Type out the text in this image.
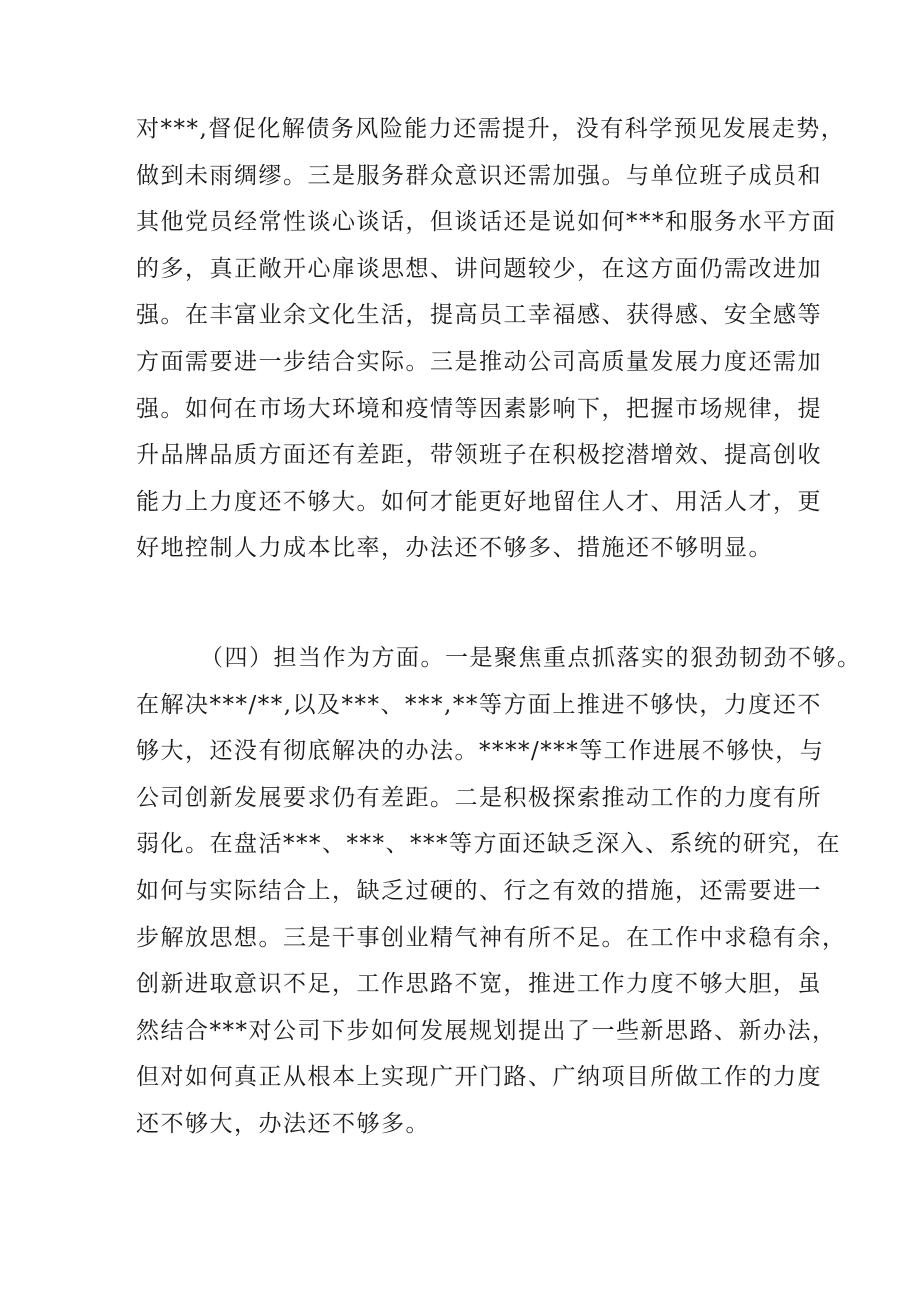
对***,督促化解债务风险能力还需提升，没有科学预见发展走势，
做到未雨绸缪。三是服务群众意识还需加强。与单位班子成员和
其他党员经常性谈心谈话，但谈话还是说如何***和服务水平方面
的多，真正敞开心扉谈思想、讲问题较少，在这方面仍需改进加
强。在丰富业余文化生活，提高员工幸福感、获得感、安全感等
方面需要进一步结合实际。三是推动公司高质量发展力度还需加
强。如何在市场大环境和疫情等因素影响下，把握市场规律，提
升品牌品质方面还有差距，带领班子在积极挖潜增效、提高创收
能力上力度还不够大。如何才能更好地留住人才、用活人才，更
好地控制人力成本比率，办法还不够多、措施还不够明显。
（四）担当作为方面。一是聚焦重点抓落实的狠劲韧劲不够。
在解决***/**,以及***、***,**等方面上推进不够快，力度还不
够大，还没有彻底解决的办法。****/***等工作进展不够快，与
公司创新发展要求仍有差距。二是积极探索推动工作的力度有所
弱化。在盘活***、***、***等方面还缺乏深入、系统的研究，在
如何与实际结合上，缺乏过硬的、行之有效的措施，还需要进一
步解放思想。三是干事创业精气神有所不足。在工作中求稳有余，
创新进取意识不足，工作思路不宽，推进工作力度不够大胆，虽
然结合***对公司下步如何发展规划提出了一些新思路、新办法，
但对如何真正从根本上实现广开门路、广纳项目所做工作的力度
还不够大，办法还不够多。
